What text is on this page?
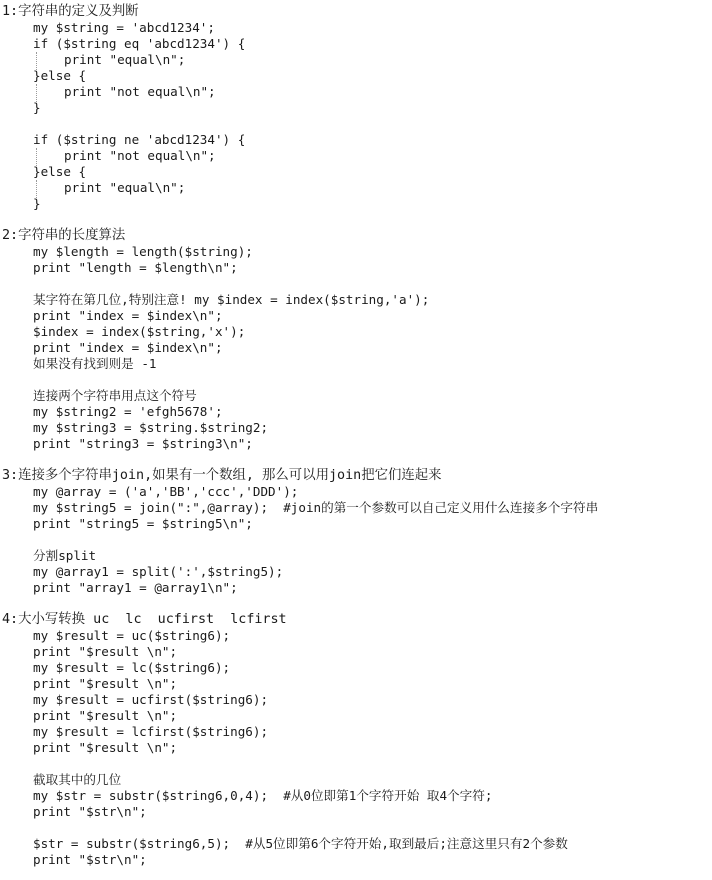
1:字符串的定义及判断
my $string = 'abcd1234';
if ($string eq 'abcd1234') {
print "equal\n";
}else {
print "not equal\n";
}
if ($string ne 'abcd1234') {
print "not equal\n";
}else {
print "equal\n";
}
2:字符串的长度算法
my $length = length($string);
print "length = $length\n";
某字符在第几位,特别注意! my $index = index($string,'a');
print "index = $index\n";
$index = index($string,'x');
print "index = $index\n";
如果没有找到则是 -1
连接两个字符串用点这个符号
my $string2 = 'efgh5678';
my $string3 = $string.$string2;
print "string3 = $string3\n";
3:连接多个字符串join,如果有一个数组, 那么可以用join把它们连起来
my @array = ('a','BB','ccc','DDD');
my $string5 = join(":",@array);  #join的第一个参数可以自己定义用什么连接多个字符串
print "string5 = $string5\n";
分割split
my @array1 = split(':',$string5);
print "array1 = @array1\n";
4:大小写转换 uc  lc  ucfirst  lcfirst
my $result = uc($string6);
print "$result \n";
my $result = lc($string6);
print "$result \n";
my $result = ucfirst($string6);
print "$result \n";
my $result = lcfirst($string6);
print "$result \n";
截取其中的几位
my $str = substr($string6,0,4);  #从0位即第1个字符开始 取4个字符;
print "$str\n";
$str = substr($string6,5);  #从5位即第6个字符开始,取到最后;注意这里只有2个参数
print "$str\n";
